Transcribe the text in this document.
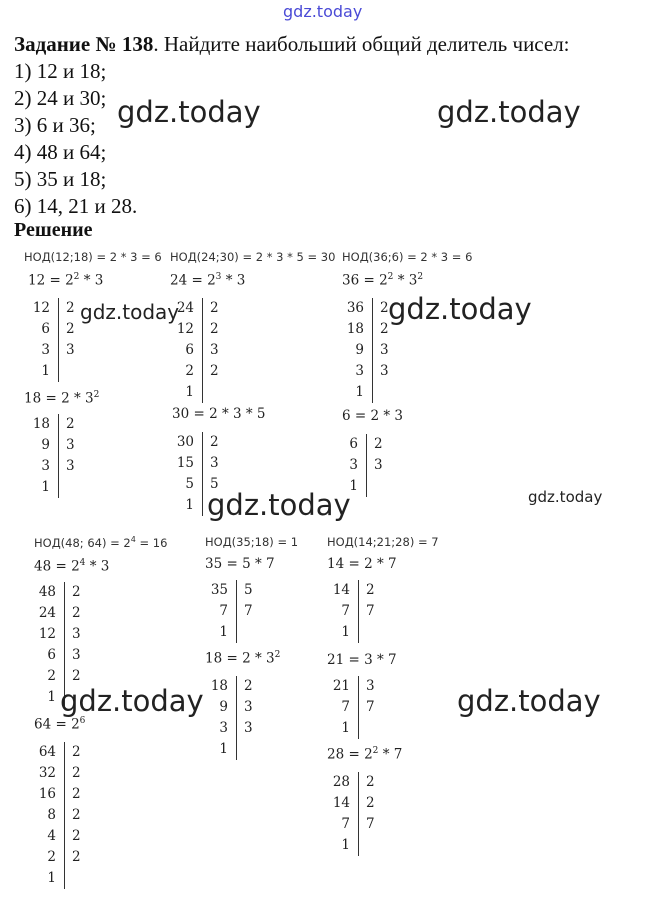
gdz.today
Задание № 138. Найдите наибольший общий делитель чисел:
1) 12 и 18;
2) 24 и 30;
3) 6 и 36;
4) 48 и 64;
5) 35 и 18;
6) 14, 21 и 28.
Решение
НОД(12;18) = 2 * 3 = 6
$12 = 2^2 * 3$
12	2
6	2
3	3
1
$18 = 2 * 3^2$
18	2
9	3
3	3
1
НОД(24;30) = 2 * 3 * 5 = 30
$24 = 2^3 * 3$
24	2
12	2
6	3
2	2
1
30 = 2 * 3 * 5
30	2
15	3
5	5
1
НОД(36;6) = 2 * 3 = 6
$36 = 2^2 * 3^2$
36	2
18	2
9	3
3	3
1
6 = 2 * 3
6	2
3	3
1
НОД(48; $64) = 2^4 = 16$
$48 = 2^4 * 3$
48	2
24	2
12	3
6	3
2	2
1
$64 = 2^6$
64	2
32	2
16	2
8	2
4	2
2	2
1
НОД(35;18) = 1
35 = 5 * 7
35	5
7	7
1
$18 = 2 * 3^2$
18	2
9	3
3	3
1
НОД(14;21;28) = 7
14 = 2 * 7
14	2
7	7
1
21 = 3 * 7
21	3
7	7
1
$28 = 2^2 * 7$
28	2
14	2
7	7
1
gdz.today	gdz.today
gdz.today	gdz.today
gdz.today	gdz.today
gdz.today	gdz.today
